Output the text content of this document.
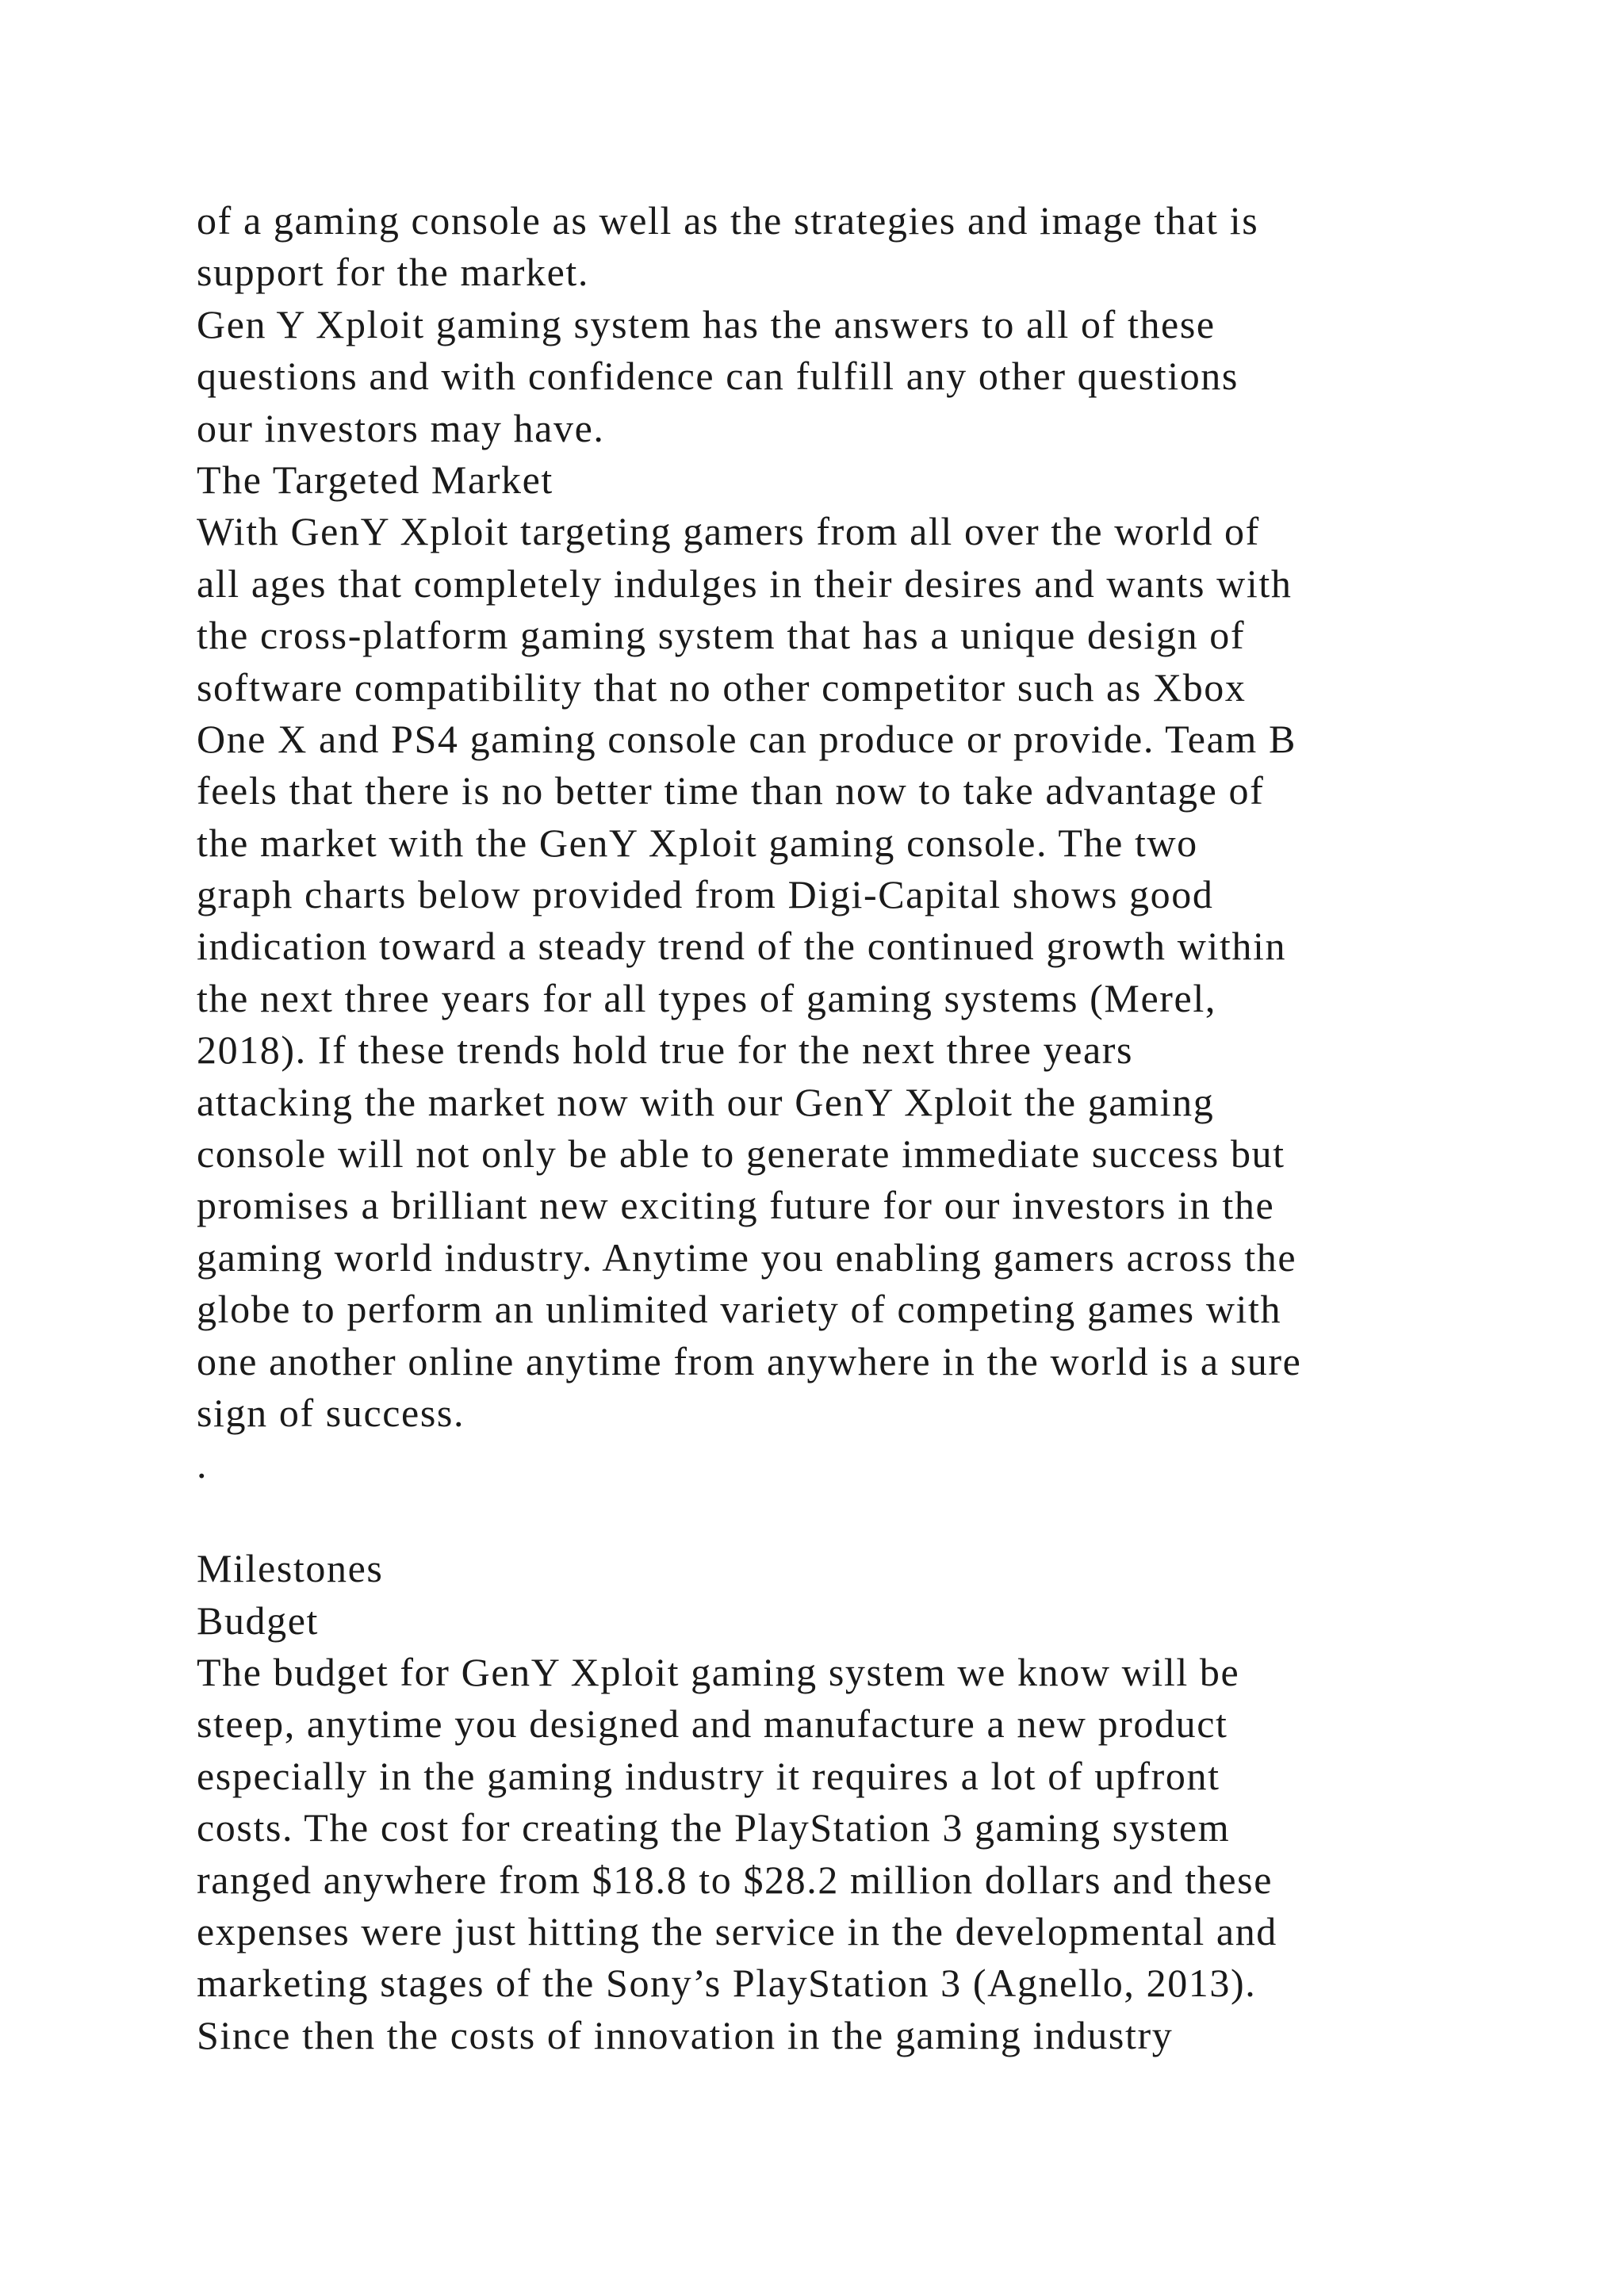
of a gaming console as well as the strategies and image that is
support for the market.
Gen Y Xploit gaming system has the answers to all of these
questions and with confidence can fulfill any other questions
our investors may have.
The Targeted Market
With GenY Xploit targeting gamers from all over the world of
all ages that completely indulges in their desires and wants with
the cross-platform gaming system that has a unique design of
software compatibility that no other competitor such as Xbox
One X and PS4 gaming console can produce or provide. Team B
feels that there is no better time than now to take advantage of
the market with the GenY Xploit gaming console. The two
graph charts below provided from Digi-Capital shows good
indication toward a steady trend of the continued growth within
the next three years for all types of gaming systems (Merel,
2018). If these trends hold true for the next three years
attacking the market now with our GenY Xploit the gaming
console will not only be able to generate immediate success but
promises a brilliant new exciting future for our investors in the
gaming world industry. Anytime you enabling gamers across the
globe to perform an unlimited variety of competing games with
one another online anytime from anywhere in the world is a sure
sign of success.
.
Milestones
Budget
The budget for GenY Xploit gaming system we know will be
steep, anytime you designed and manufacture a new product
especially in the gaming industry it requires a lot of upfront
costs. The cost for creating the PlayStation 3 gaming system
ranged anywhere from $18.8 to $28.2 million dollars and these
expenses were just hitting the service in the developmental and
marketing stages of the Sony’s PlayStation 3 (Agnello, 2013).
Since then the costs of innovation in the gaming industry
